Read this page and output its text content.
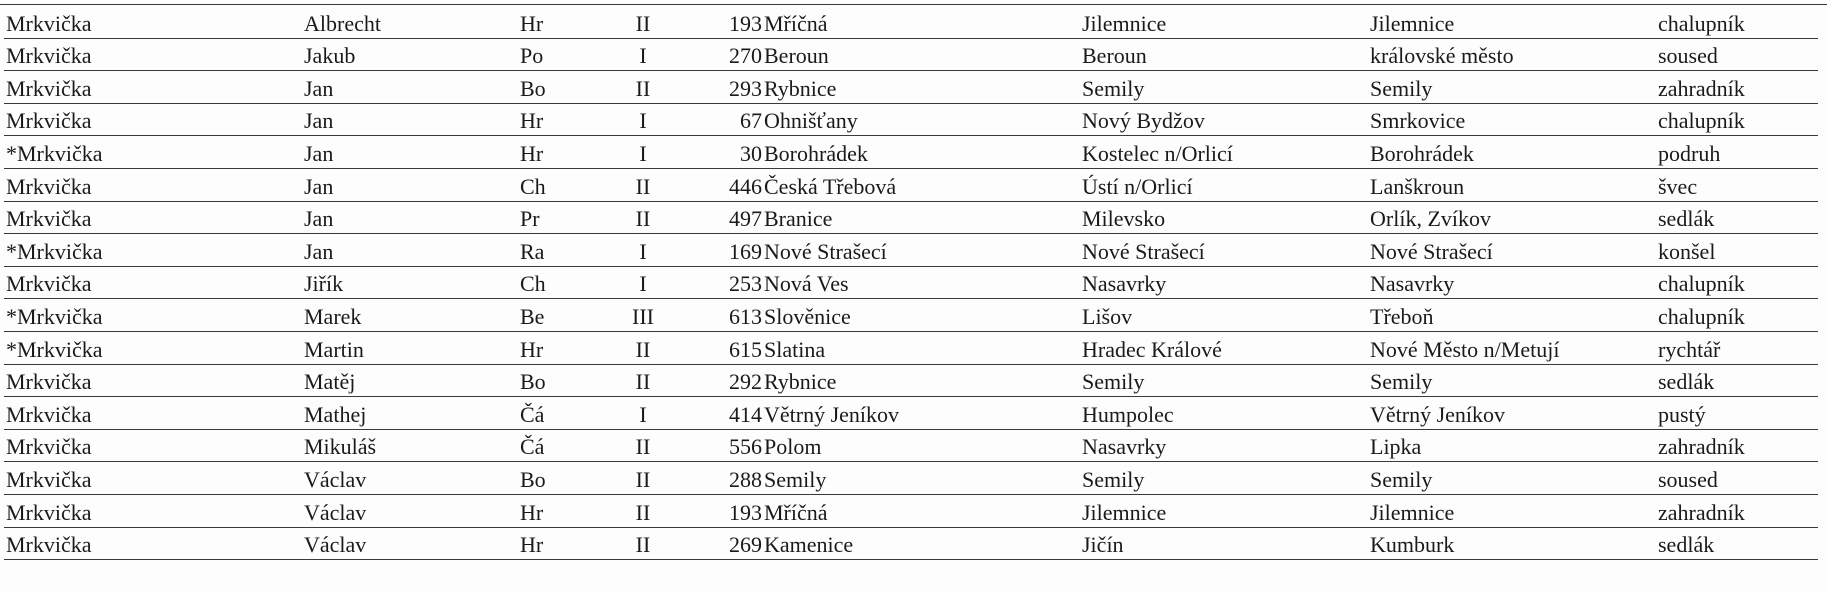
Mrkvička	Albrecht	Hr	II	193	Mříčná	Jilemnice	Jilemnice	chalupník
Mrkvička	Jakub	Po	I	270	Beroun	Beroun	královské město	soused
Mrkvička	Jan	Bo	II	293	Rybnice	Semily	Semily	zahradník
Mrkvička	Jan	Hr	I	67	Ohnišťany	Nový Bydžov	Smrkovice	chalupník
*Mrkvička	Jan	Hr	I	30	Borohrádek	Kostelec n/Orlicí	Borohrádek	podruh
Mrkvička	Jan	Ch	II	446	Česká Třebová	Ústí n/Orlicí	Lanškroun	švec
Mrkvička	Jan	Pr	II	497	Branice	Milevsko	Orlík, Zvíkov	sedlák
*Mrkvička	Jan	Ra	I	169	Nové Strašecí	Nové Strašecí	Nové Strašecí	konšel
Mrkvička	Jiřík	Ch	I	253	Nová Ves	Nasavrky	Nasavrky	chalupník
*Mrkvička	Marek	Be	III	613	Slověnice	Lišov	Třeboň	chalupník
*Mrkvička	Martin	Hr	II	615	Slatina	Hradec Králové	Nové Město n/Metují	rychtář
Mrkvička	Matěj	Bo	II	292	Rybnice	Semily	Semily	sedlák
Mrkvička	Mathej	Čá	I	414	Větrný Jeníkov	Humpolec	Větrný Jeníkov	pustý
Mrkvička	Mikuláš	Čá	II	556	Polom	Nasavrky	Lipka	zahradník
Mrkvička	Václav	Bo	II	288	Semily	Semily	Semily	soused
Mrkvička	Václav	Hr	II	193	Mříčná	Jilemnice	Jilemnice	zahradník
Mrkvička	Václav	Hr	II	269	Kamenice	Jičín	Kumburk	sedlák
